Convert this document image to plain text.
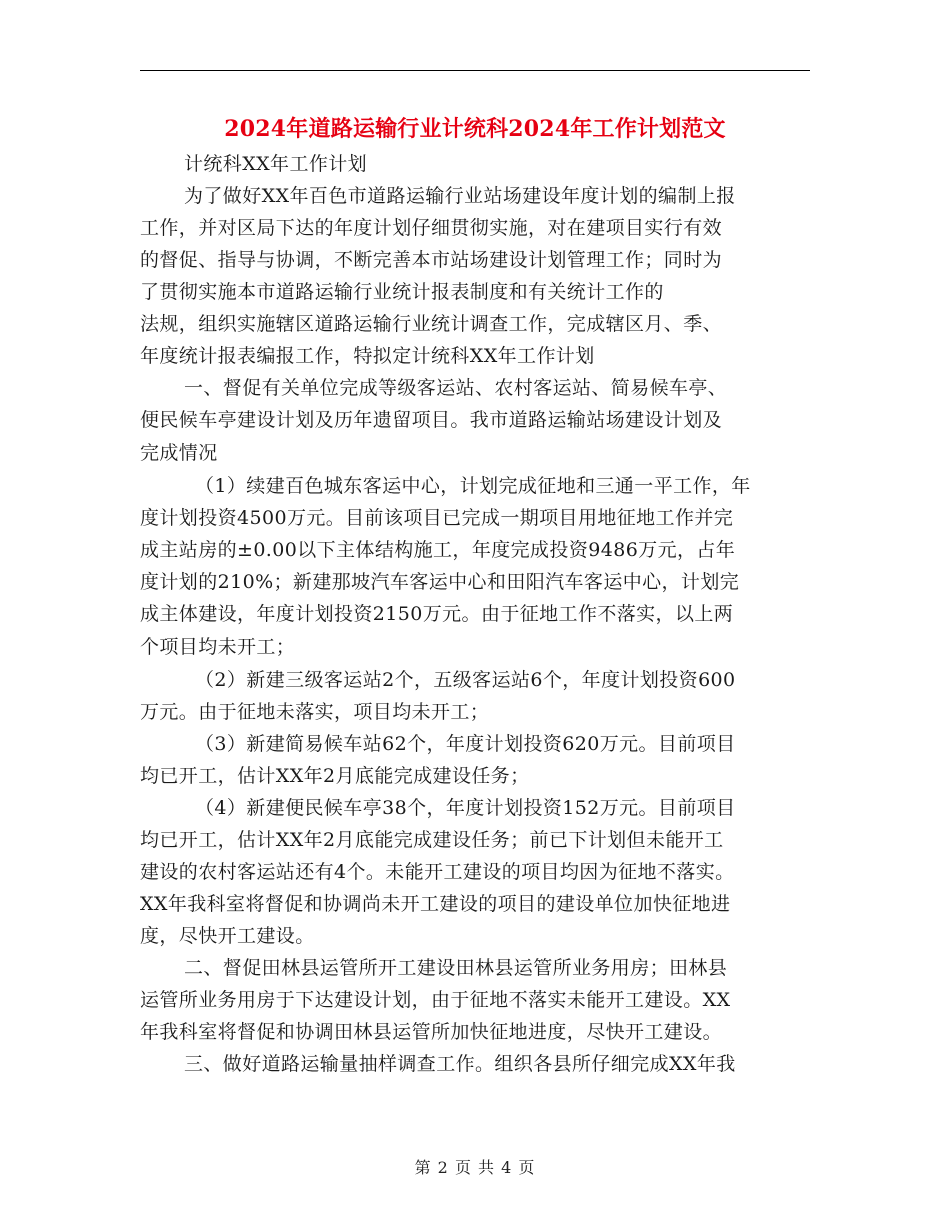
2024年道路运输行业计统科2024年工作计划范文
计统科XX年工作计划
为了做好XX年百色市道路运输行业站场建设年度计划的编制上报
工作，并对区局下达的年度计划仔细贯彻实施，对在建项目实行有效
的督促、指导与协调，不断完善本市站场建设计划管理工作；同时为
了贯彻实施本市道路运输行业统计报表制度和有关统计工作的
法规，组织实施辖区道路运输行业统计调查工作，完成辖区月、季、
年度统计报表编报工作，特拟定计统科XX年工作计划
一、督促有关单位完成等级客运站、农村客运站、简易候车亭、
便民候车亭建设计划及历年遗留项目。我市道路运输站场建设计划及
完成情况
（1）续建百色城东客运中心，计划完成征地和三通一平工作，年
度计划投资4500万元。目前该项目已完成一期项目用地征地工作并完
成主站房的±0.00以下主体结构施工，年度完成投资9486万元，占年
度计划的210%；新建那坡汽车客运中心和田阳汽车客运中心，计划完
成主体建设，年度计划投资2150万元。由于征地工作不落实，以上两
个项目均未开工；
（2）新建三级客运站2个，五级客运站6个，年度计划投资600
万元。由于征地未落实，项目均未开工；
（3）新建简易候车站62个，年度计划投资620万元。目前项目
均已开工，估计XX年2月底能完成建设任务；
（4）新建便民候车亭38个，年度计划投资152万元。目前项目
均已开工，估计XX年2月底能完成建设任务；前已下计划但未能开工
建设的农村客运站还有4个。未能开工建设的项目均因为征地不落实。
XX年我科室将督促和协调尚未开工建设的项目的建设单位加快征地进
度，尽快开工建设。
二、督促田林县运管所开工建设田林县运管所业务用房；田林县
运管所业务用房于下达建设计划，由于征地不落实未能开工建设。XX
年我科室将督促和协调田林县运管所加快征地进度，尽快开工建设。
三、做好道路运输量抽样调查工作。组织各县所仔细完成XX年我
第 2 页 共 4 页
